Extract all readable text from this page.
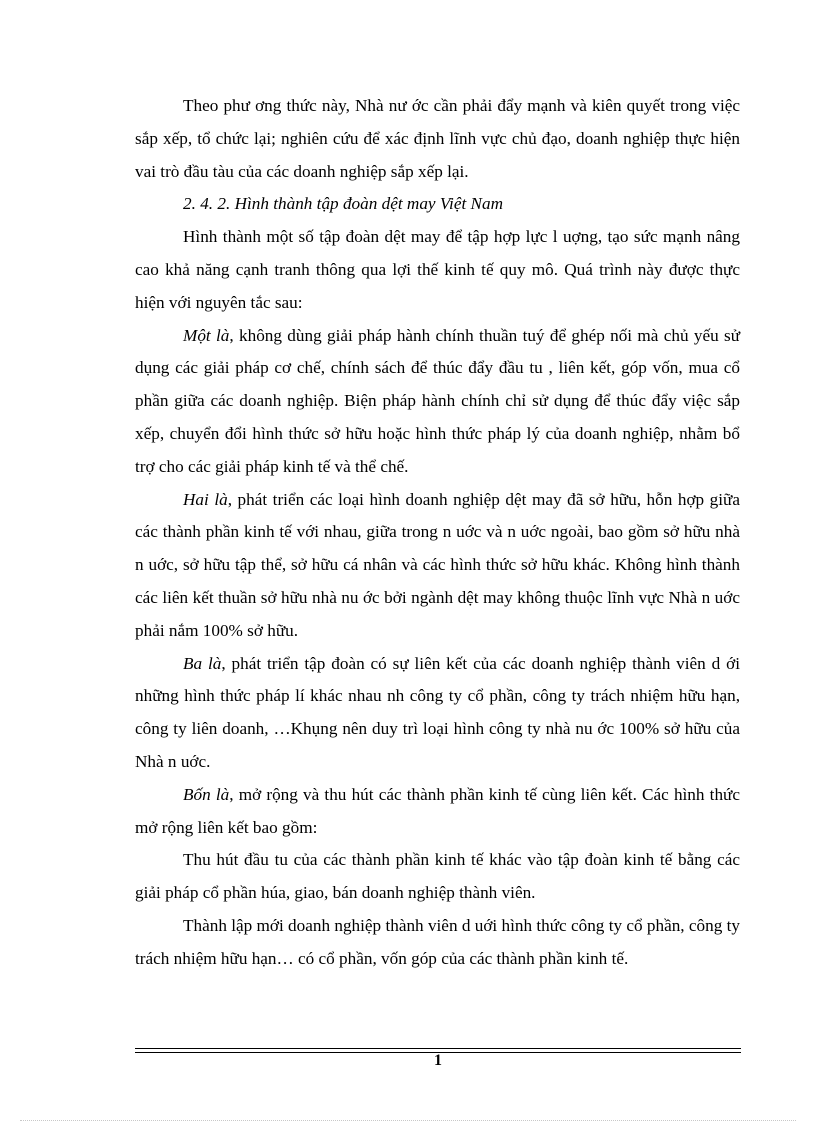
Theo phư ơng thức này, Nhà nư ớc cần phải đẩy mạnh và kiên quyết trong việc sắp xếp, tổ chức lại; nghiên cứu để xác định lĩnh vực chủ đạo, doanh nghiệp thực hiện vai trò đầu tàu của các doanh nghiệp sắp xếp lại.

2. 4. 2. Hình thành tập đoàn dệt may Việt Nam

Hình thành một số tập đoàn dệt may để tập hợp lực l uợng, tạo sức mạnh nâng cao khả năng cạnh tranh thông qua lợi thế kinh tế quy mô. Quá trình này được thực hiện với nguyên tắc sau:

Một là, không dùng giải pháp hành chính thuần tuý để ghép nối mà chủ yếu sử dụng các giải pháp cơ chế, chính sách để thúc đẩy đầu tu , liên kết, góp vốn, mua cổ phần giữa các doanh nghiệp. Biện pháp hành chính chỉ sử dụng để thúc đẩy việc sắp xếp, chuyển đổi hình thức sở hữu hoặc hình thức pháp lý của doanh nghiệp, nhằm bổ trợ cho các giải pháp kinh tế và thể chế.

Hai là, phát triển các loại hình doanh nghiệp dệt may đã sở hữu, hỗn hợp giữa các thành phần kinh tế với nhau, giữa trong n uớc và n uớc ngoài, bao gồm sở hữu nhà n uớc, sở hữu tập thể, sở hữu cá nhân và các hình thức sở hữu khác. Không hình thành các liên kết thuần sở hữu nhà nu ớc bởi ngành dệt may không thuộc lĩnh vực Nhà n uớc phải nắm 100% sở hữu.

Ba là, phát triển tập đoàn có sự liên kết của các doanh nghiệp thành viên d ới những hình thức pháp lí khác nhau nh công ty cổ phần, công ty trách nhiệm hữu hạn, công ty liên doanh, …Khụng nên duy trì loại hình công ty nhà nu ớc 100% sở hữu của Nhà n uớc.

Bốn là, mở rộng và thu hút các thành phần kinh tế cùng liên kết. Các hình thức mở rộng liên kết bao gồm:

Thu hút đầu tu của các thành phần kinh tế khác vào tập đoàn kinh tế bằng các giải pháp cổ phần húa, giao, bán doanh nghiệp thành viên.

Thành lập mới doanh nghiệp thành viên d uới hình thức công ty cổ phần, công ty trách nhiệm hữu hạn… có cổ phần, vốn góp của các thành phần kinh tế.

1
